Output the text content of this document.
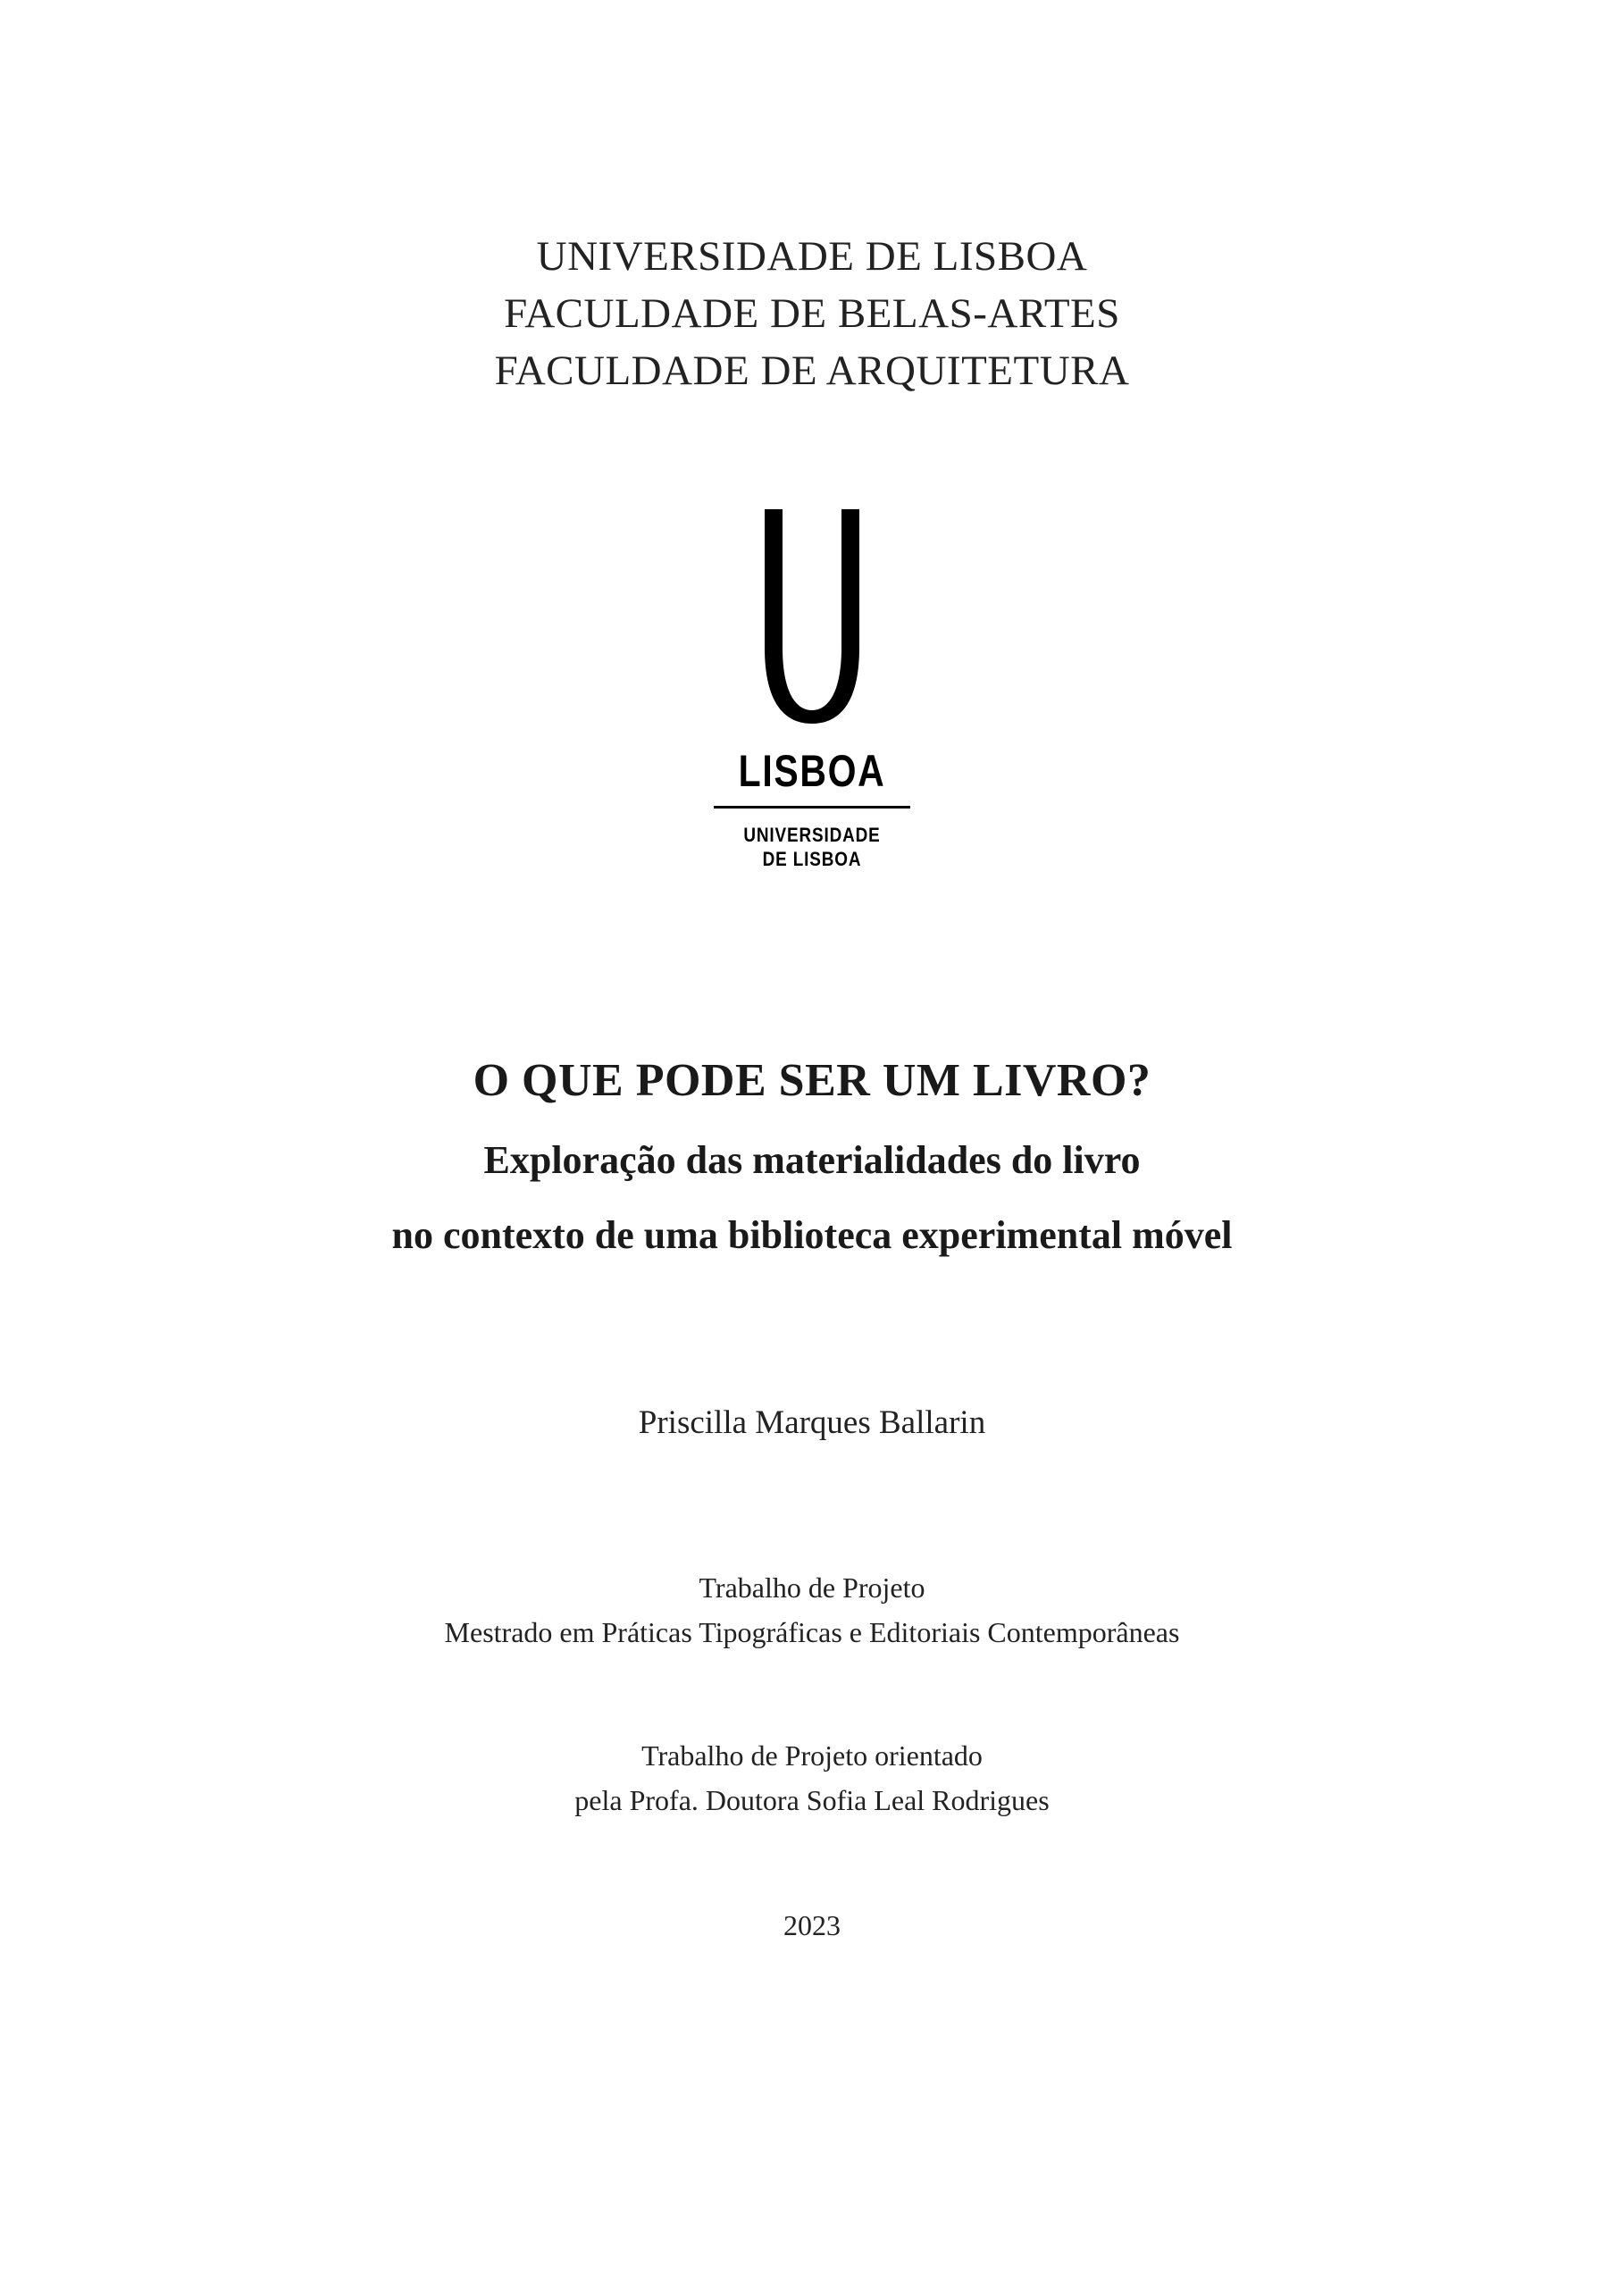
UNIVERSIDADE DE LISBOA
FACULDADE DE BELAS-ARTES
FACULDADE DE ARQUITETURA
LISBOA
UNIVERSIDADE
DE LISBOA
O QUE PODE SER UM LIVRO?
Exploração das materialidades do livro
no contexto de uma biblioteca experimental móvel
Priscilla Marques Ballarin
Trabalho de Projeto
Mestrado em Práticas Tipográficas e Editoriais Contemporâneas
Trabalho de Projeto orientado
pela Profa. Doutora Sofia Leal Rodrigues
2023
